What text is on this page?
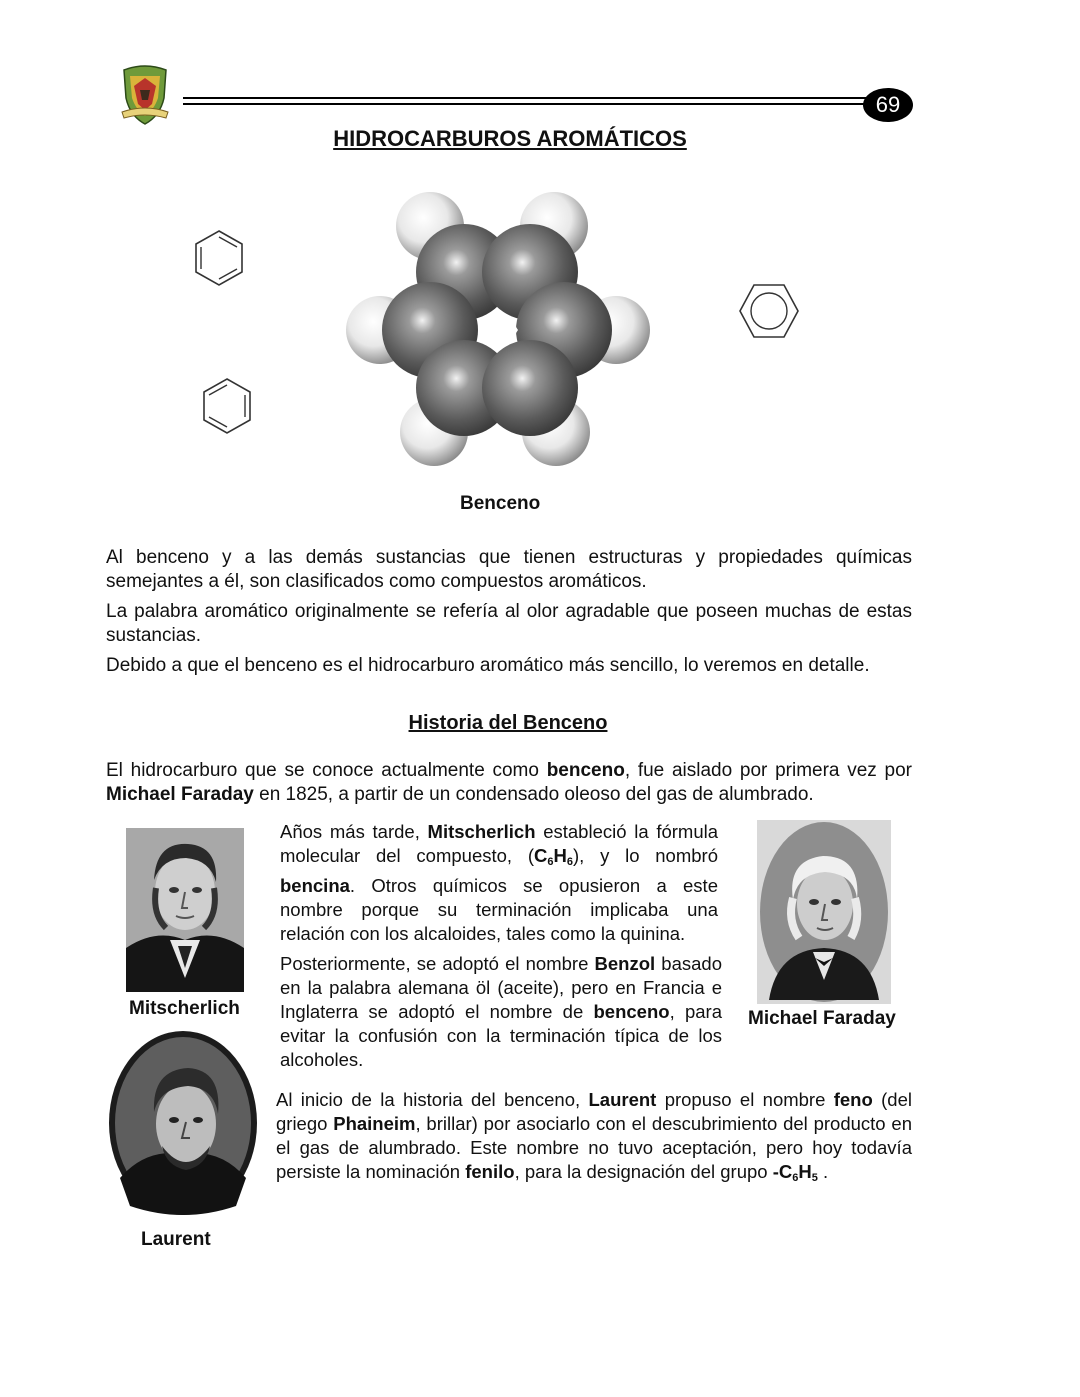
69
HIDROCARBUROS AROMÁTICOS
Benceno
Al benceno y a las demás sustancias que tienen estructuras y propiedades químicas semejantes a él, son clasificados como compuestos aromáticos.
La palabra aromático originalmente se refería al olor agradable que poseen muchas de estas sustancias.
Debido a que el benceno es el hidrocarburo aromático más sencillo, lo veremos en detalle.
Historia del Benceno
El hidrocarburo que se conoce actualmente como benceno, fue aislado por primera vez por Michael Faraday en 1825, a partir de un condensado oleoso del gas de alumbrado.
Mitscherlich
Años más tarde, Mitscherlich estableció la fórmula molecular del compuesto, $(C_6H_6)$, y lo nombró bencina. Otros químicos se opusieron a este nombre porque su terminación implicaba una relación con los alcaloides, tales como la quinina.
Posteriormente, se adoptó el nombre Benzol basado en la palabra alemana öl (aceite), pero en Francia e Inglaterra se adoptó el nombre de benceno, para evitar la confusión con la terminación típica de los alcoholes.
Michael Faraday
Laurent
Al inicio de la historia del benceno, Laurent propuso el nombre feno (del griego Phaineim, brillar) por asociarlo con el descubrimiento del producto en el gas de alumbrado. Este nombre no tuvo aceptación, pero hoy todavía persiste la nominación fenilo, para la designación del grupo $-C_6H_5$ .
